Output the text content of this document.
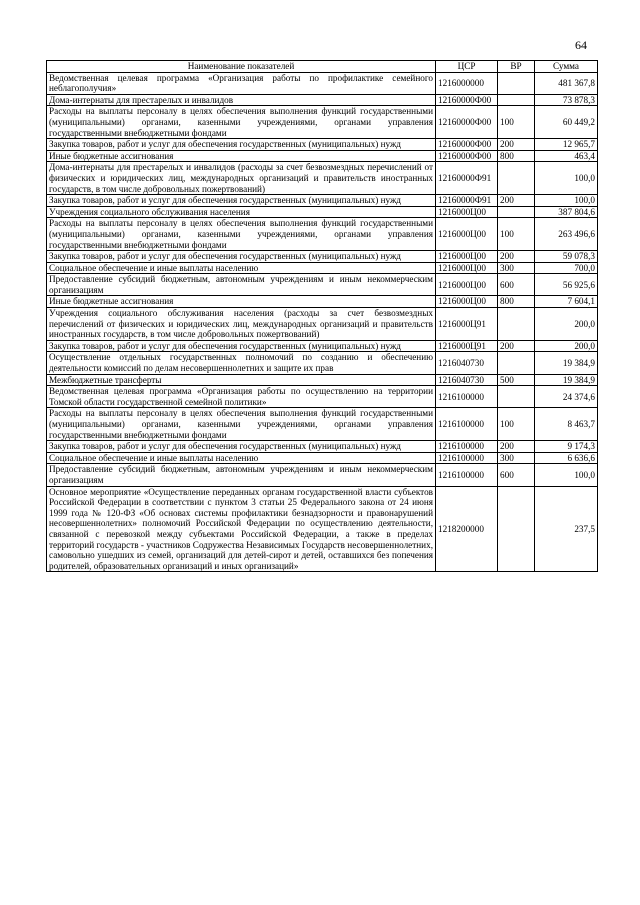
64
Наименование показателей	ЦСР	ВР	Сумма
Ведомственная целевая программа «Организация работы по профилактике семейного неблагополучия»	1216000000		481 367,8
Дома-интернаты для престарелых и инвалидов	12160000Ф00		73 878,3
Расходы на выплаты персоналу в целях обеспечения выполнения функций государственными (муниципальными) органами, казенными учреждениями, органами управления государственными внебюджетными фондами	12160000Ф00	100	60 449,2
Закупка товаров, работ и услуг для обеспечения государственных (муниципальных) нужд	12160000Ф00	200	12 965,7
Иные бюджетные ассигнования	12160000Ф00	800	463,4
Дома-интернаты для престарелых и инвалидов (расходы за счет безвозмездных перечислений от физических и юридических лиц, международных организаций и правительств иностранных государств, в том числе добровольных пожертвований)	12160000Ф91		100,0
Закупка товаров, работ и услуг для обеспечения государственных (муниципальных) нужд	12160000Ф91	200	100,0
Учреждения социального обслуживания населения	1216000Ц00		387 804,6
Расходы на выплаты персоналу в целях обеспечения выполнения функций государственными (муниципальными) органами, казенными учреждениями, органами управления государственными внебюджетными фондами	1216000Ц00	100	263 496,6
Закупка товаров, работ и услуг для обеспечения государственных (муниципальных) нужд	1216000Ц00	200	59 078,3
Социальное обеспечение и иные выплаты населению	1216000Ц00	300	700,0
Предоставление субсидий бюджетным, автономным учреждениям и иным некоммерческим организациям	1216000Ц00	600	56 925,6
Иные бюджетные ассигнования	1216000Ц00	800	7 604,1
Учреждения социального обслуживания населения (расходы за счет безвозмездных перечислений от физических и юридических лиц, международных организаций и правительств иностранных государств, в том числе добровольных пожертвований)	1216000Ц91		200,0
Закупка товаров, работ и услуг для обеспечения государственных (муниципальных) нужд	1216000Ц91	200	200,0
Осуществление отдельных государственных полномочий по созданию и обеспечению деятельности комиссий по делам несовершеннолетних и защите их прав	1216040730		19 384,9
Межбюджетные трансферты	1216040730	500	19 384,9
Ведомственная целевая программа «Организация работы по осуществлению на территории Томской области государственной семейной политики»	1216100000		24 374,6
Расходы на выплаты персоналу в целях обеспечения выполнения функций государственными (муниципальными) органами, казенными учреждениями, органами управления государственными внебюджетными фондами	1216100000	100	8 463,7
Закупка товаров, работ и услуг для обеспечения государственных (муниципальных) нужд	1216100000	200	9 174,3
Социальное обеспечение и иные выплаты населению	1216100000	300	6 636,6
Предоставление субсидий бюджетным, автономным учреждениям и иным некоммерческим организациям	1216100000	600	100,0
Основное мероприятие «Осуществление переданных органам государственной власти субъектов Российской Федерации в соответствии с пунктом 3 статьи 25 Федерального закона от 24 июня 1999 года № 120-ФЗ «Об основах системы профилактики безнадзорности и правонарушений несовершеннолетних» полномочий Российской Федерации по осуществлению деятельности, связанной с перевозкой между субъектами Российской Федерации, а также в пределах территорий государств - участников Содружества Независимых Государств несовершеннолетних, самовольно ушедших из семей, организаций для детей-сирот и детей, оставшихся без попечения родителей, образовательных организаций и иных организаций»	1218200000		237,5
